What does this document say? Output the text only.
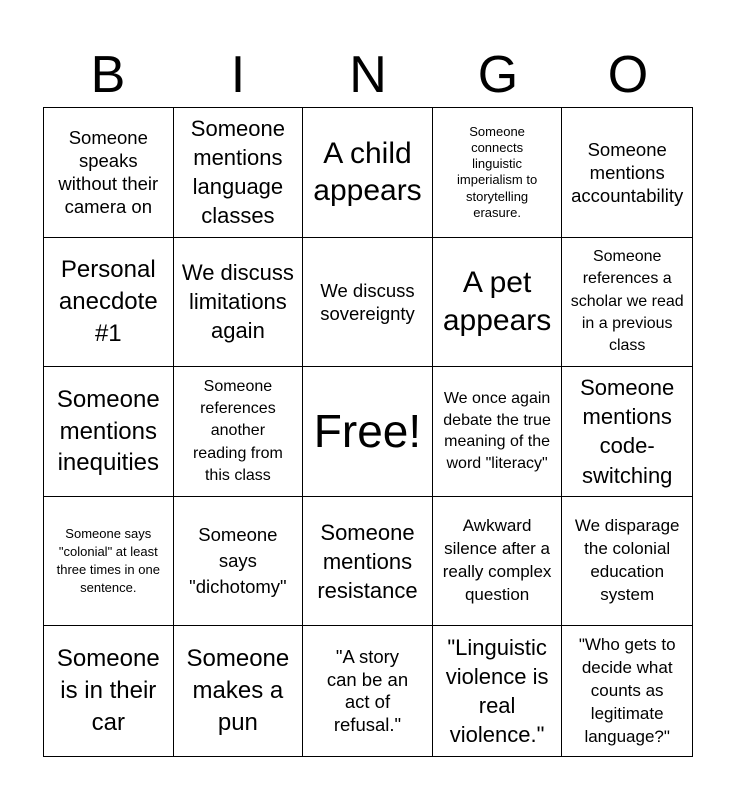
B	I	N	G	O
Someone speaks without their camera on
Someone mentions language classes
A child appears
Someone connects linguistic imperialism to storytelling erasure.
Someone mentions accountability
Personal anecdote #1
We discuss limitations again
We discuss sovereignty
A pet appears
Someone references a scholar we read in a previous class
Someone mentions inequities
Someone references another reading from this class
Free!
We once again debate the true meaning of the word "literacy"
Someone mentions code-switching
Someone says "colonial" at least three times in one sentence.
Someone says "dichotomy"
Someone mentions resistance
Awkward silence after a really complex question
We disparage the colonial education system
Someone is in their car
Someone makes a pun
"A story can be an act of refusal."
"Linguistic violence is real violence."
"Who gets to decide what counts as legitimate language?"
